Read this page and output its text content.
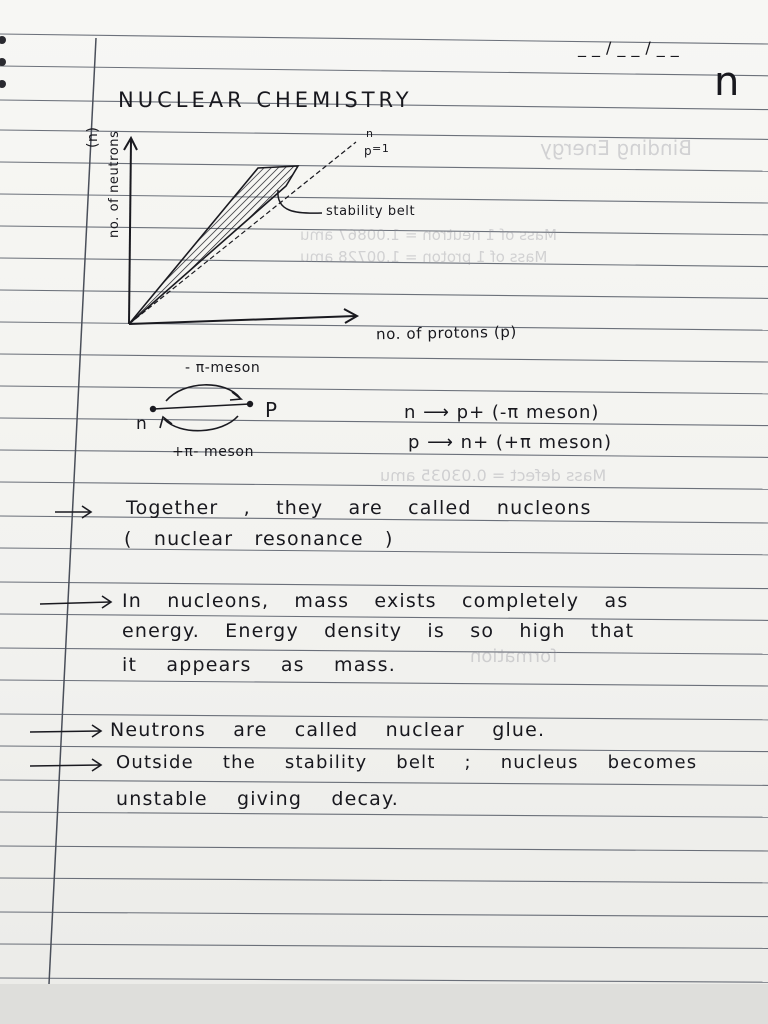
Binding Energy
Mass of 1 neutron = 1.00867 amu
Mass of 1 proton = 1.00728 amu
Mass defect = 0.03035 amu
formation
__/__/__
n
NUCLEAR CHEMISTRY
(n) no. of neutrons
no. of protons (p)
n
p =1
stability belt
- π-meson
+π- meson
n
P	n ⟶ p+ (-π meson)
p ⟶ n+ (+π meson)
Together , they are called nucleons
( nuclear resonance )
In nucleons, mass exists completely as
energy. Energy density is so high that
it appears as mass.
Neutrons are called nuclear glue.
Outside the stability belt ; nucleus becomes
unstable giving decay.
